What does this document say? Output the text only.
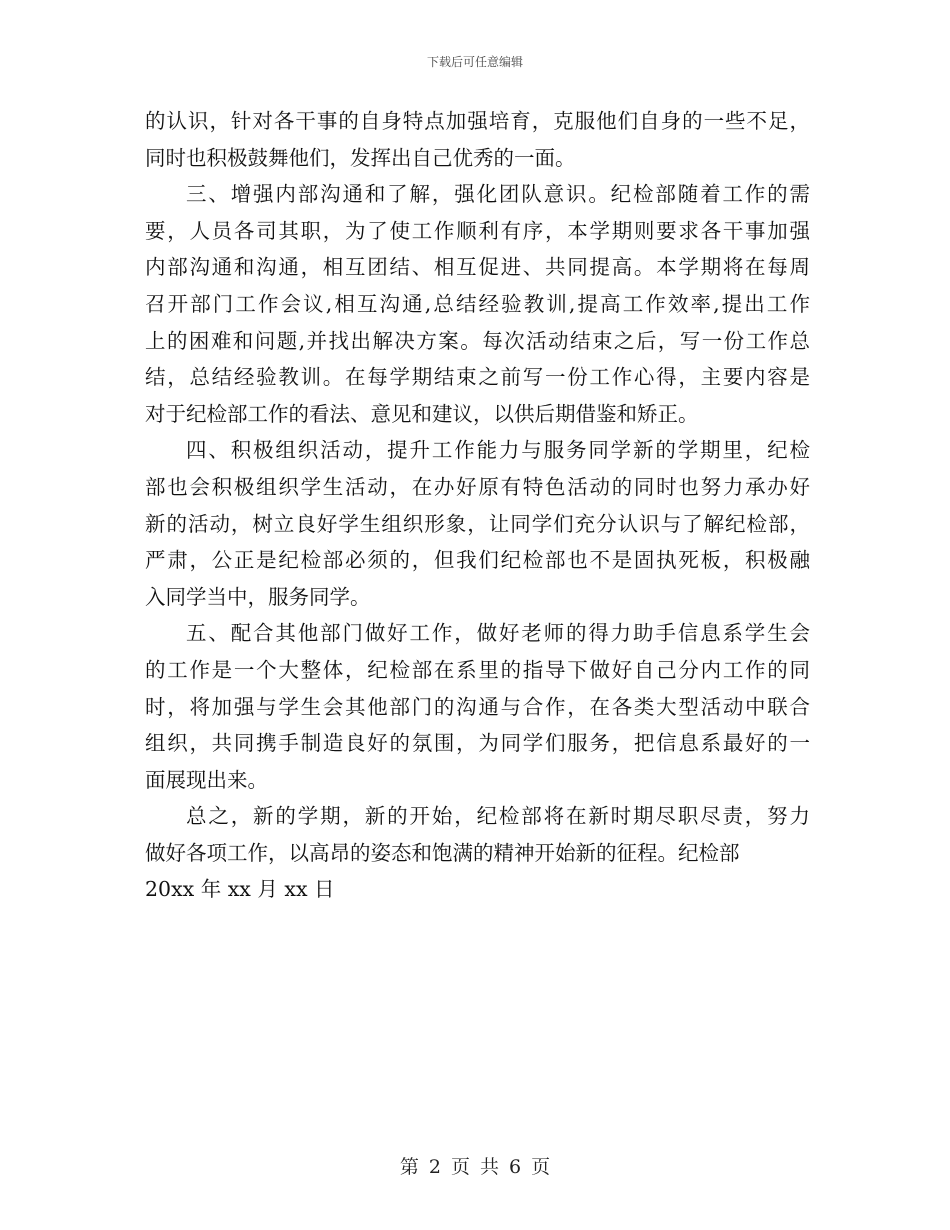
下载后可任意编辑
的认识，针对各干事的自身特点加强培育，克服他们自身的一些不足，
同时也积极鼓舞他们，发挥出自己优秀的一面。
三、增强内部沟通和了解，强化团队意识。纪检部随着工作的需
要，人员各司其职，为了使工作顺利有序，本学期则要求各干事加强
内部沟通和沟通，相互团结、相互促进、共同提高。本学期将在每周
召开部门工作会议,相互沟通,总结经验教训,提高工作效率,提出工作
上的困难和问题,并找出解决方案。每次活动结束之后，写一份工作总
结，总结经验教训。在每学期结束之前写一份工作心得，主要内容是
对于纪检部工作的看法、意见和建议，以供后期借鉴和矫正。
四、积极组织活动，提升工作能力与服务同学新的学期里，纪检
部也会积极组织学生活动，在办好原有特色活动的同时也努力承办好
新的活动，树立良好学生组织形象，让同学们充分认识与了解纪检部，
严肃，公正是纪检部必须的，但我们纪检部也不是固执死板，积极融
入同学当中，服务同学。
五、配合其他部门做好工作，做好老师的得力助手信息系学生会
的工作是一个大整体，纪检部在系里的指导下做好自己分内工作的同
时，将加强与学生会其他部门的沟通与合作，在各类大型活动中联合
组织，共同携手制造良好的氛围，为同学们服务，把信息系最好的一
面展现出来。
总之，新的学期，新的开始，纪检部将在新时期尽职尽责，努力
做好各项工作，以高昂的姿态和饱满的精神开始新的征程。纪检部
20xx 年 xx 月 xx 日
第 2 页 共 6 页
